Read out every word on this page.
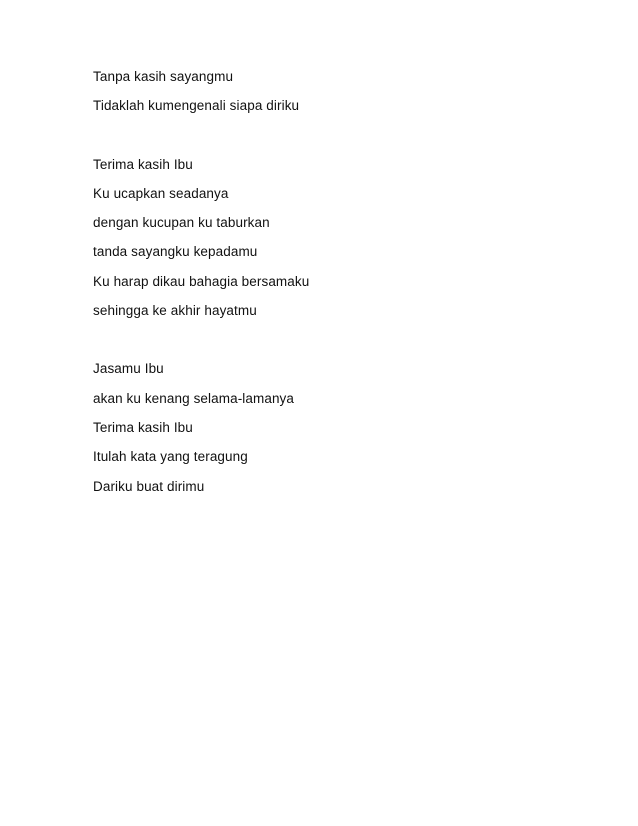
Tanpa kasih sayangmu
Tidaklah kumengenali siapa diriku
Terima kasih Ibu
Ku ucapkan seadanya
dengan kucupan ku taburkan
tanda sayangku kepadamu
Ku harap dikau bahagia bersamaku
sehingga ke akhir hayatmu
Jasamu Ibu
akan ku kenang selama-lamanya
Terima kasih Ibu
Itulah kata yang teragung
Dariku buat dirimu
